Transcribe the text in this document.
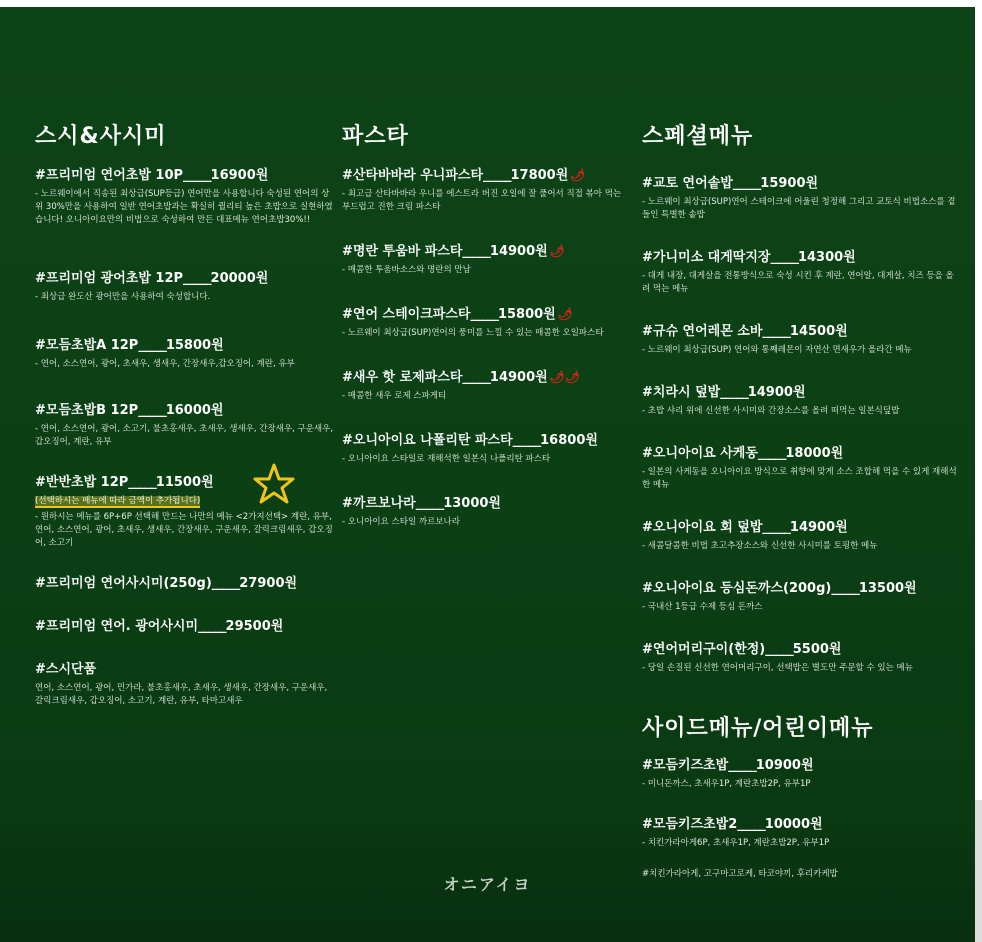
스시&사시미
#프리미엄 연어초밥 10P_____16900원
- 노르웨이에서 직송된 최상급(SUP등급) 연어만을 사용합니다 숙성된 연어의 상위 30%만을 사용하여 일반 연어초밥과는 확실히 퀄리티 높은 초밥으로 실현하였습니다! 오니아이요만의 비법으로 숙성하여 만든 대표메뉴 연어초밥30%!!
#프리미엄 광어초밥 12P_____20000원
- 최상급 완도산 광어만을 사용하여 숙성합니다.
#모듬초밥A 12P_____15800원
- 연어, 소스연어, 광어, 초새우, 생새우, 간장새우,갑오징어, 계란, 유부
#모듬초밥B 12P_____16000원
- 연어, 소스연어, 광어, 소고기, 불초홍새우, 초새우, 생새우, 간장새우, 구운새우, 갑오징어, 계란, 유부
#반반초밥 12P_____11500원
(선택하시는 메뉴에 따라 금액이 추가됩니다)
- 원하시는 메뉴를 6P+6P 선택해 만드는 나만의 메뉴 <2가지선택> 계란, 유부, 연어, 소스연어, 광어, 초새우, 생새우, 간장새우, 구운새우, 갈릭크림새우, 갑오징어, 소고기
#프리미엄 연어사시미(250g)_____27900원
#프리미엄 연어. 광어사시미_____29500원
#스시단품
연어, 소스연어, 광어, 민가라, 불초홍새우, 초새우, 생새우, 간장새우, 구운새우, 갈릭크림새우, 갑오징어, 소고기, 계란, 유부, 타마고새우
파스타
#산타바바라 우니파스타_____17800원 🌶
- 최고급 산타바바라 우니를 에스트라 버진 오일에 잘 풀어서 직접 볶아 먹는 부드럽고 진한 크림 파스타
#명란 투움바 파스타_____14900원 🌶
- 매콤한 투움바소스와 명란의 만남
#연어 스테이크파스타_____15800원 🌶
- 노르웨이 최상급(SUP)연어의 풍미를 느낄 수 있는 매콤한 오일파스타
#새우 핫 로제파스타_____14900원 🌶🌶
- 매콤한 새우 로제 스파게티
#오니아이요 나폴리탄 파스타_____16800원
- 오니아이요 스타일로 재해석한 일본식 나폴리탄 파스타
#까르보나라_____13000원
- 오니아이요 스타일 까르보나라
스페셜메뉴
#교토 연어솥밥_____15900원
- 노르웨이 최상급(SUP)연어 스테이크에 어울린 청정해 그리고 교토식 비법소스를 곁들인 특별한 솥밥
#가니미소 대게딱지장_____14300원
- 대게 내장, 대게살을 전통방식으로 숙성 시킨 후 계란, 연어알, 대게살, 치즈 등을 올려 먹는 메뉴
#규슈 연어레몬 소바_____14500원
- 노르웨이 최상급(SUP) 연어와 통째레몬이 자연산 면새우가 올라간 메뉴
#치라시 덮밥_____14900원
- 초밥 샤리 위에 신선한 사시미와 간장소스를 올려 떠먹는 일본식덮밥
#오니아이요 사케동_____18000원
- 일본의 사케동을 오니아이요 방식으로 취향에 맞게 소스 조합해 먹을 수 있게 재해석한 메뉴
#오니아이요 회 덮밥_____14900원
- 새콤달콤한 비법 초고추장소스와 신선한 사시미를 토핑한 메뉴
#오니아이요 등심돈까스(200g)_____13500원
- 국내산 1등급 수제 등심 돈까스
#연어머리구이(한정)_____5500원
- 당일 손질된 신선한 연어머리구이, 선택밥은 별도만 주문할 수 있는 메뉴
사이드메뉴/어린이메뉴
#모듬키즈초밥_____10900원
- 미니돈까스, 초새우1P, 계란초밥2P, 유부1P
#모듬키즈초밥2_____10000원
- 치킨가라아게6P, 초새우1P, 계란초밥2P, 유부1P
#치킨가라아게, 고구마고로케, 타코야끼, 후리카케밥
オニアイヨ
